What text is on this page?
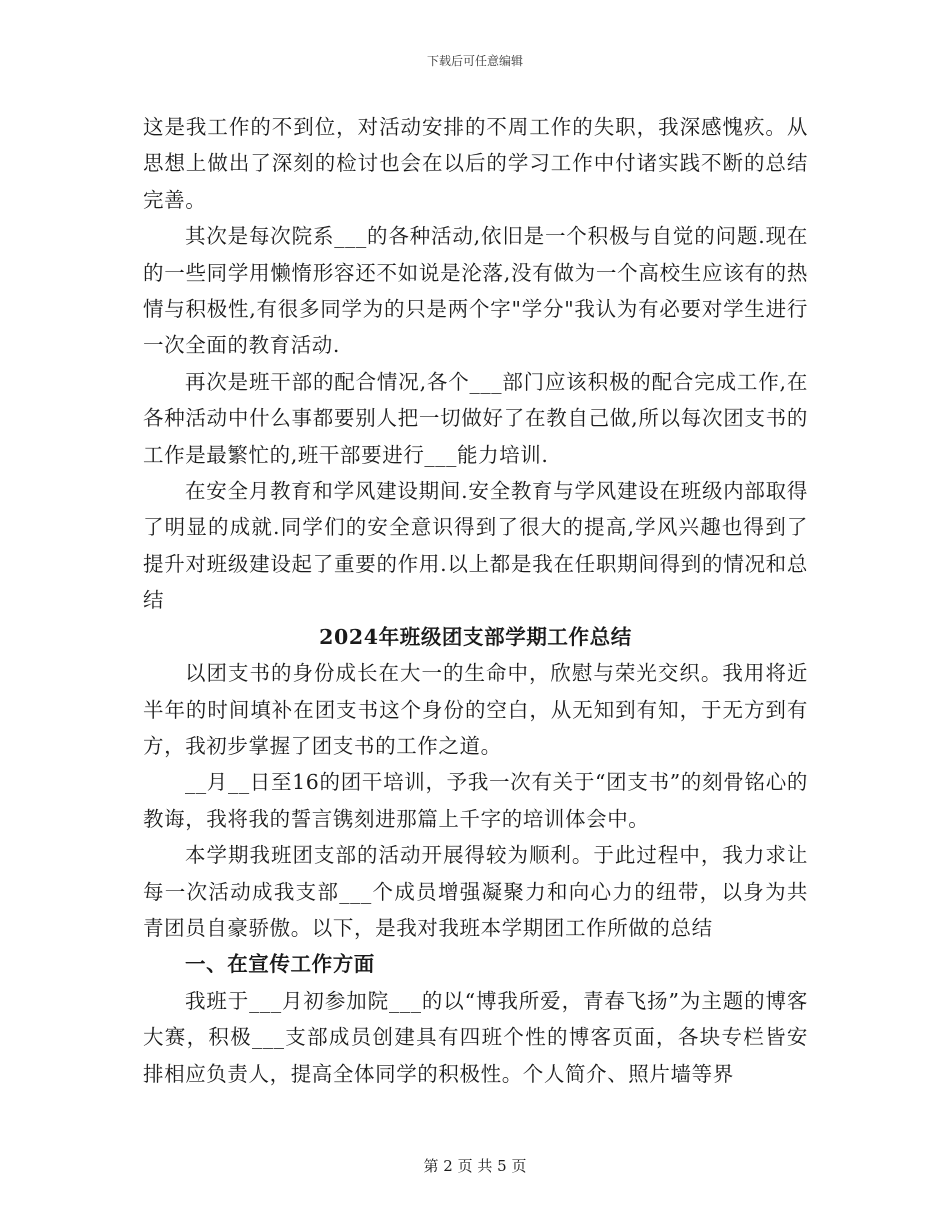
下载后可任意编辑

这是我工作的不到位，对活动安排的不周工作的失职，我深感愧疚。从思想上做出了深刻的检讨也会在以后的学习工作中付诸实践不断的总结完善。

其次是每次院系___的各种活动,依旧是一个积极与自觉的问题.现在的一些同学用懒惰形容还不如说是沦落,没有做为一个高校生应该有的热情与积极性,有很多同学为的只是两个字"学分"我认为有必要对学生进行一次全面的教育活动.

再次是班干部的配合情况,各个___部门应该积极的配合完成工作,在各种活动中什么事都要别人把一切做好了在教自己做,所以每次团支书的工作是最繁忙的,班干部要进行___能力培训.

在安全月教育和学风建设期间.安全教育与学风建设在班级内部取得了明显的成就.同学们的安全意识得到了很大的提高,学风兴趣也得到了提升对班级建设起了重要的作用.以上都是我在任职期间得到的情况和总结

2024年班级团支部学期工作总结

以团支书的身份成长在大一的生命中，欣慰与荣光交织。我用将近半年的时间填补在团支书这个身份的空白，从无知到有知，于无方到有方，我初步掌握了团支书的工作之道。

__月__日至16的团干培训，予我一次有关于“团支书”的刻骨铭心的教诲，我将我的誓言镌刻进那篇上千字的培训体会中。

本学期我班团支部的活动开展得较为顺利。于此过程中，我力求让每一次活动成我支部___个成员增强凝聚力和向心力的纽带，以身为共青团员自豪骄傲。以下，是我对我班本学期团工作所做的总结

一、在宣传工作方面

我班于___月初参加院___的以“博我所爱，青春飞扬”为主题的博客大赛，积极___支部成员创建具有四班个性的博客页面，各块专栏皆安排相应负责人，提高全体同学的积极性。个人简介、照片墙等界

第 2 页 共 5 页
